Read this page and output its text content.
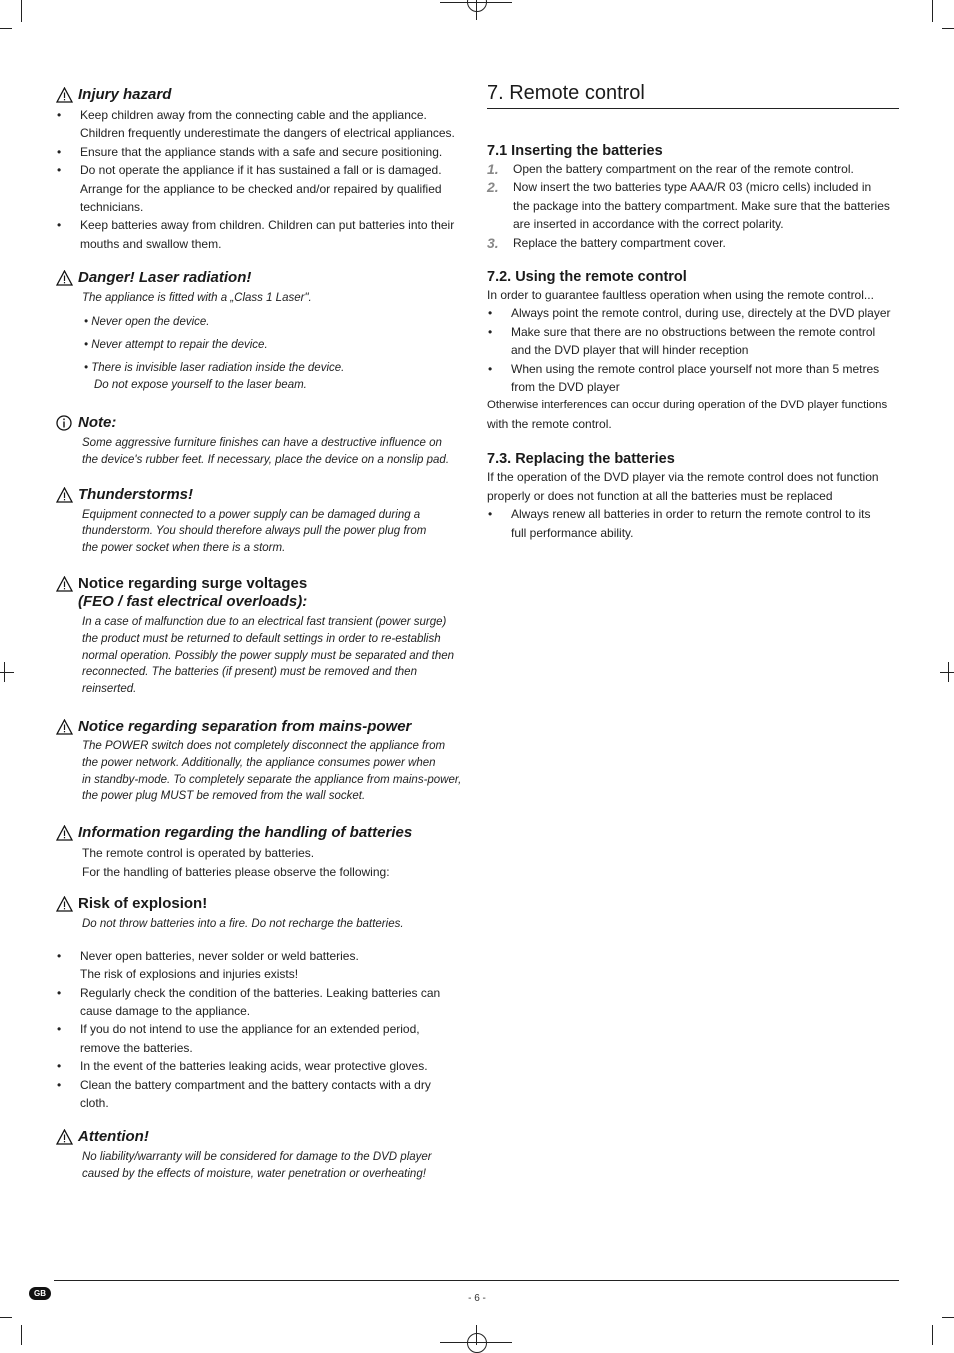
Injury hazard
• Keep children away from the connecting cable and the appliance.
Children frequently underestimate the dangers of electrical appliances.
• Ensure that the appliance stands with a safe and secure positioning.
• Do not operate the appliance if it has sustained a fall or is damaged.
Arrange for the appliance to be checked and/or repaired by qualified
technicians.
• Keep batteries away from children. Children can put batteries into their
mouths and swallow them.
Danger! Laser radiation!

The appliance is fitted with a „Class 1 Laser".

• Never open the device.

• Never attempt to repair the device.

• There is invisible laser radiation inside the device.
Do not expose yourself to the laser beam.

Note:

Some aggressive furniture finishes can have a destructive influence on

the device's rubber feet. If necessary, place the device on a nonslip pad.

Thunderstorms!

Equipment connected to a power supply can be damaged during a

thunderstorm. You should therefore always pull the power plug from

the power socket when there is a storm.

Notice regarding surge voltages
(FEO / fast electrical overloads):

In a case of malfunction due to an electrical fast transient (power surge)

the product must be returned to default settings in order to re-establish

normal operation. Possibly the power supply must be separated and then

reconnected. The batteries (if present) must be removed and then reinserted.

Notice regarding separation from mains-power

The POWER switch does not completely disconnect the appliance from

the power network. Additionally, the appliance consumes power when

in standby-mode. To completely separate the appliance from mains-power,

the power plug MUST be removed from the wall socket.

Information regarding the handling of batteries

The remote control is operated by batteries.

For the handling of batteries please observe the following:

Risk of explosion!

Do not throw batteries into a fire. Do not recharge the batteries.

• Never open batteries, never solder or weld batteries.
The risk of explosions and injuries exists!
• Regularly check the condition of the batteries. Leaking batteries can
cause damage to the appliance.
• If you do not intend to use the appliance for an extended period,
remove the batteries.
• In the event of the batteries leaking acids, wear protective gloves.
• Clean the battery compartment and the battery contacts with a dry
cloth.
Attention!

No liability/warranty will be considered for damage to the DVD player

caused by the effects of moisture, water penetration or overheating!

7. Remote control
7.1 Inserting the batteries
1. Open the battery compartment on the rear of the remote control.
2. Now insert the two batteries type AAA/R 03 (micro cells) included in
the package into the battery compartment. Make sure that the batteries
are inserted in accordance with the correct polarity.
3. Replace the battery compartment cover.
7.2. Using the remote control

In order to guarantee faultless operation when using the remote control...

• Always point the remote control, during use, directely at the DVD player
• Make sure that there are no obstructions between the remote control
and the DVD player that will hinder reception
• When using the remote control place yourself not more than 5 metres
from the DVD player

Otherwise interferences can occur during operation of the DVD player functions

with the remote control.

7.3. Replacing the batteries

If the operation of the DVD player via the remote control does not function

properly or does not function at all the batteries must be replaced

• Always renew all batteries in order to return the remote control to its
full performance ability.
GB	- 6 -
